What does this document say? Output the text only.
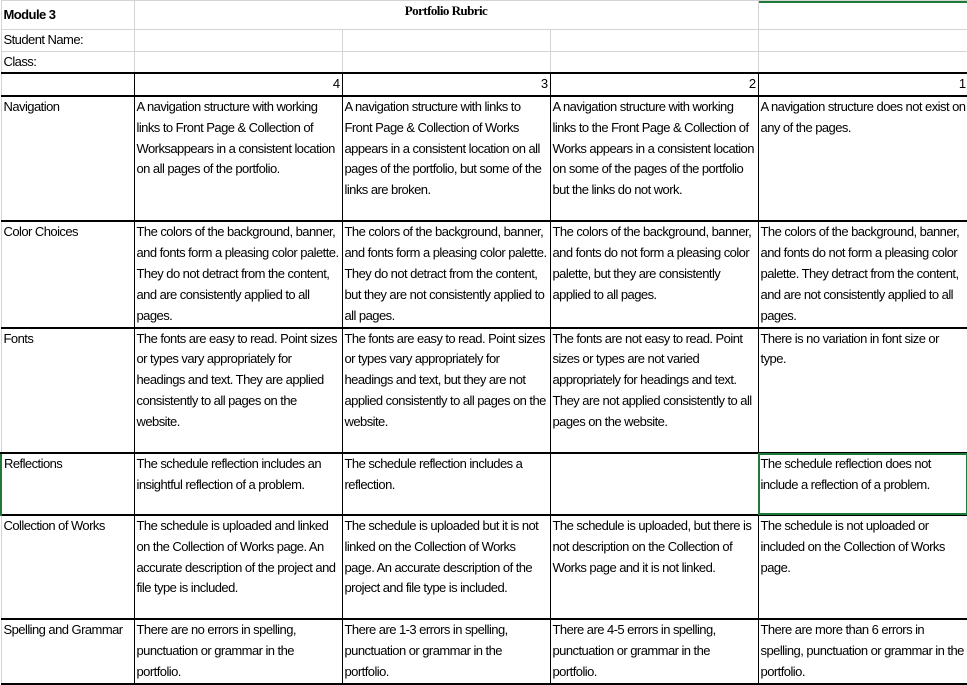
Module 3	Portfolio Rubric			
Student Name:				
Class:				
	4	3	2	1
Navigation	A navigation structure with working links to Front Page & Collection of Worksappears in a consistent location on all pages of the portfolio.	A navigation structure with links to Front Page & Collection of Works appears in a consistent location on all pages of the portfolio, but some of the links are broken.	A navigation structure with working links to the Front Page & Collection of Works appears in a consistent location on some of the pages of the portfolio but the links do not work.	A navigation structure does not exist on any of the pages.
Color Choices	The colors of the background, banner, and fonts form a pleasing color palette. They do not detract from the content, and are consistently applied to all pages.	The colors of the background, banner, and fonts form a pleasing color palette. They do not detract from the content, but they are not consistently applied to all pages.	The colors of the background, banner, and fonts do not form a pleasing color palette, but they are consistently applied to all pages.	The colors of the background, banner, and fonts do not form a pleasing color palette. They detract from the content, and are not consistently applied to all pages.
Fonts	The fonts are easy to read. Point sizes or types vary appropriately for headings and text. They are applied consistently to all pages on the website.	The fonts are easy to read. Point sizes or types vary appropriately for headings and text, but they are not applied consistently to all pages on the website.	The fonts are not easy to read. Point sizes or types are not varied appropriately for headings and text. They are not applied consistently to all pages on the website.	There is no variation in font size or type.
Reflections	The schedule reflection includes an insightful reflection of a problem.	The schedule reflection includes a reflection.		The schedule reflection does not include a reflection of a problem.
Collection of Works	The schedule is uploaded and linked on the Collection of Works page. An accurate description of the project and file type is included.	The schedule is uploaded but it is not linked on the Collection of Works page. An accurate description of the project and file type is included.	The schedule is uploaded, but there is not description on the Collection of Works page and it is not linked.	The schedule is not uploaded or included on the Collection of Works page.
Spelling and Grammar	There are no errors in spelling, punctuation or grammar in the portfolio.	There are 1-3 errors in spelling, punctuation or grammar in the portfolio.	There are 4-5 errors in spelling, punctuation or grammar in the portfolio.	There are more than 6 errors in spelling, punctuation or grammar in the portfolio.
